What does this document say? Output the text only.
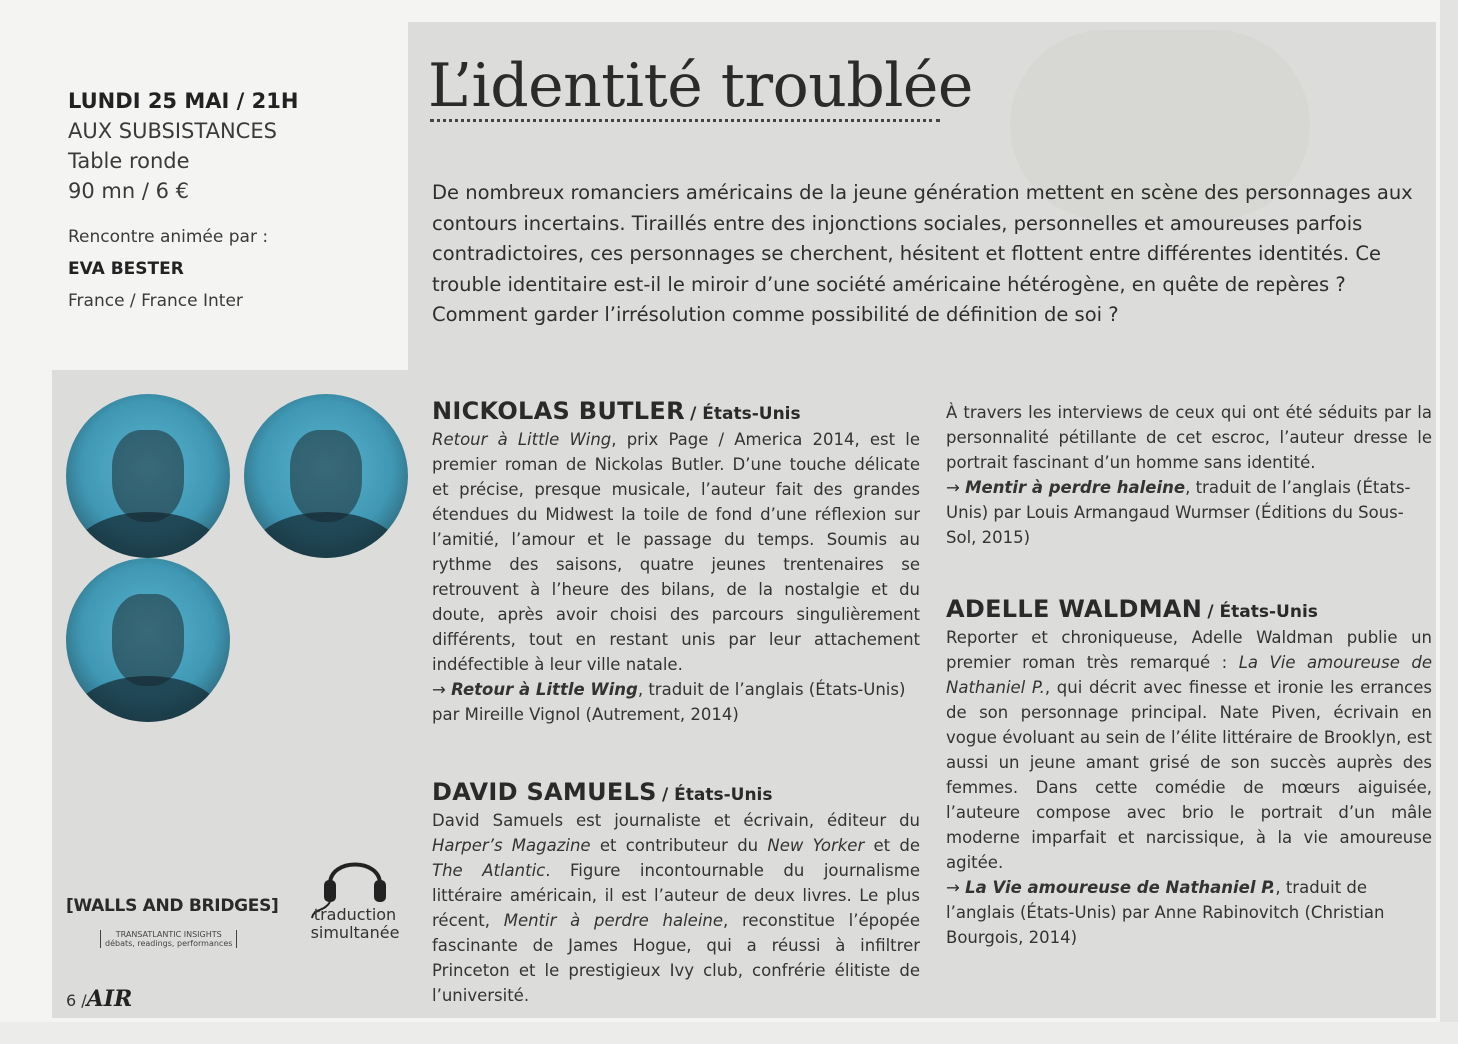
LUNDI 25 MAI / 21H
AUX SUBSISTANCES
Table ronde
90 mn / 6 €
Rencontre animée par :
EVA BESTER
France / France Inter
L’identité troublée
De nombreux romanciers américains de la jeune génération mettent en scène des personnages aux contours incertains. Tiraillés entre des injonctions sociales, personnelles et amoureuses parfois contradictoires, ces personnages se cherchent, hésitent et flottent entre différentes identités. Ce trouble identitaire est-il le miroir d’une société américaine hétérogène, en quête de repères ? Comment garder l’irrésolution comme possibilité de définition de soi ?
NICKOLAS BUTLER / États-Unis
Retour à Little Wing, prix Page / America 2014, est le premier roman de Nickolas Butler. D’une touche délicate et précise, presque musicale, l’auteur fait des grandes étendues du Midwest la toile de fond d’une réflexion sur l’amitié, l’amour et le passage du temps. Soumis au rythme des saisons, quatre jeunes trentenaires se retrouvent à l’heure des bilans, de la nostalgie et du doute, après avoir choisi des parcours singulièrement différents, tout en restant unis par leur attachement indéfectible à leur ville natale.
→ Retour à Little Wing, traduit de l’anglais (États-Unis) par Mireille Vignol (Autrement, 2014)
DAVID SAMUELS / États-Unis
David Samuels est journaliste et écrivain, éditeur du Harper’s Magazine et contributeur du New Yorker et de The Atlantic. Figure incontournable du journalisme littéraire américain, il est l’auteur de deux livres. Le plus récent, Mentir à perdre haleine, reconstitue l’épopée fascinante de James Hogue, qui a réussi à infiltrer Princeton et le prestigieux Ivy club, confrérie élitiste de l’université.
À travers les interviews de ceux qui ont été séduits par la personnalité pétillante de cet escroc, l’auteur dresse le portrait fascinant d’un homme sans identité.
→ Mentir à perdre haleine, traduit de l’anglais (États-Unis) par Louis Armangaud Wurmser (Éditions du Sous-Sol, 2015)
ADELLE WALDMAN / États-Unis
Reporter et chroniqueuse, Adelle Waldman publie un premier roman très remarqué : La Vie amoureuse de Nathaniel P., qui décrit avec finesse et ironie les errances de son personnage principal. Nate Piven, écrivain en vogue évoluant au sein de l’élite littéraire de Brooklyn, est aussi un jeune amant grisé de son succès auprès des femmes. Dans cette comédie de mœurs aiguisée, l’auteure compose avec brio le portrait d’un mâle moderne imparfait et narcissique, à la vie amoureuse agitée.
→ La Vie amoureuse de Nathaniel P., traduit de l’anglais (États-Unis) par Anne Rabinovitch (Christian Bourgois, 2014)
[WALLS AND BRIDGES]
TRANSATLANTIC INSIGHTS
débats, readings, performances
traduction
simultanée
6 /AIR
